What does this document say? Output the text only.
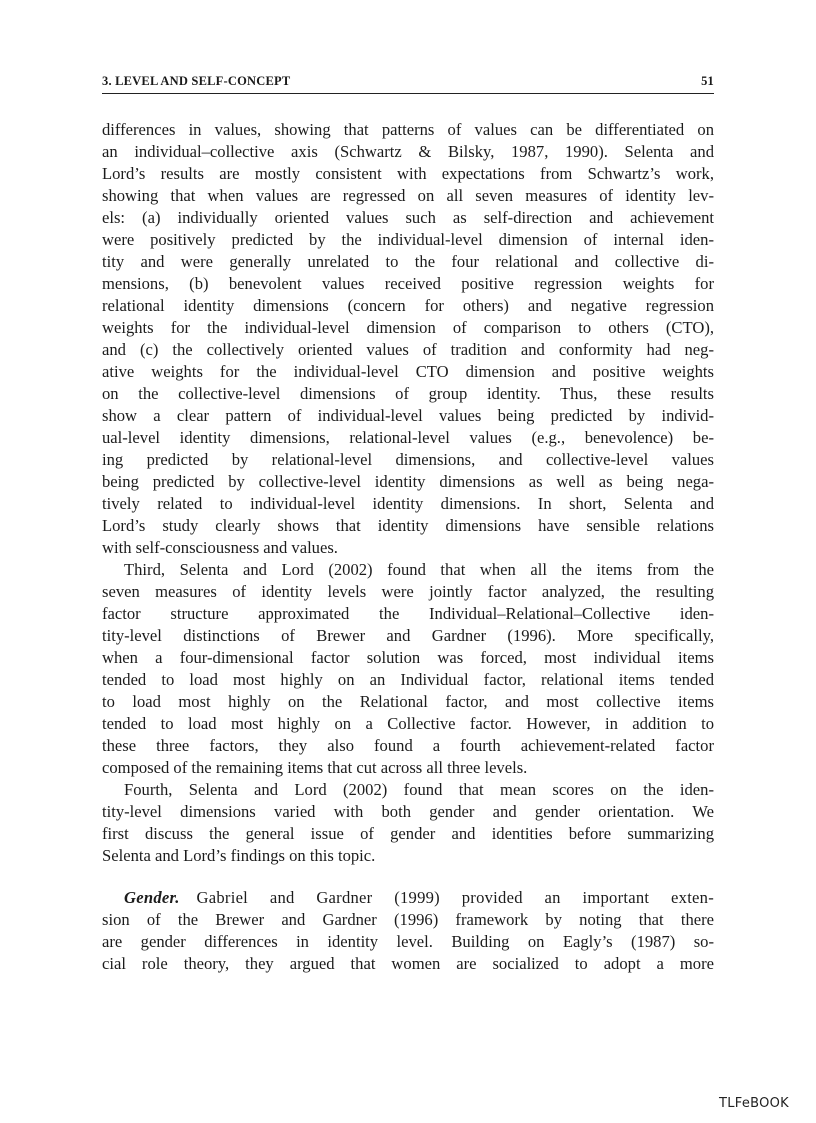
3. LEVEL AND SELF-CONCEPT	51
differences in values, showing that patterns of values can be differentiated on
an individual–collective axis (Schwartz & Bilsky, 1987, 1990). Selenta and
Lord’s results are mostly consistent with expectations from Schwartz’s work,
showing that when values are regressed on all seven measures of identity lev-
els: (a) individually oriented values such as self-direction and achievement
were positively predicted by the individual-level dimension of internal iden-
tity and were generally unrelated to the four relational and collective di-
mensions, (b) benevolent values received positive regression weights for
relational identity dimensions (concern for others) and negative regression
weights for the individual-level dimension of comparison to others (CTO),
and (c) the collectively oriented values of tradition and conformity had neg-
ative weights for the individual-level CTO dimension and positive weights
on the collective-level dimensions of group identity. Thus, these results
show a clear pattern of individual-level values being predicted by individ-
ual-level identity dimensions, relational-level values (e.g., benevolence) be-
ing predicted by relational-level dimensions, and collective-level values
being predicted by collective-level identity dimensions as well as being nega-
tively related to individual-level identity dimensions. In short, Selenta and
Lord’s study clearly shows that identity dimensions have sensible relations
with self-consciousness and values.
Third, Selenta and Lord (2002) found that when all the items from the
seven measures of identity levels were jointly factor analyzed, the resulting
factor structure approximated the Individual–Relational–Collective iden-
tity-level distinctions of Brewer and Gardner (1996). More specifically,
when a four-dimensional factor solution was forced, most individual items
tended to load most highly on an Individual factor, relational items tended
to load most highly on the Relational factor, and most collective items
tended to load most highly on a Collective factor. However, in addition to
these three factors, they also found a fourth achievement-related factor
composed of the remaining items that cut across all three levels.
Fourth, Selenta and Lord (2002) found that mean scores on the iden-
tity-level dimensions varied with both gender and gender orientation. We
first discuss the general issue of gender and identities before summarizing
Selenta and Lord’s findings on this topic.
Gender. Gabriel and Gardner (1999) provided an important exten-
sion of the Brewer and Gardner (1996) framework by noting that there
are gender differences in identity level. Building on Eagly’s (1987) so-
cial role theory, they argued that women are socialized to adopt a more
TLFeBOOK
